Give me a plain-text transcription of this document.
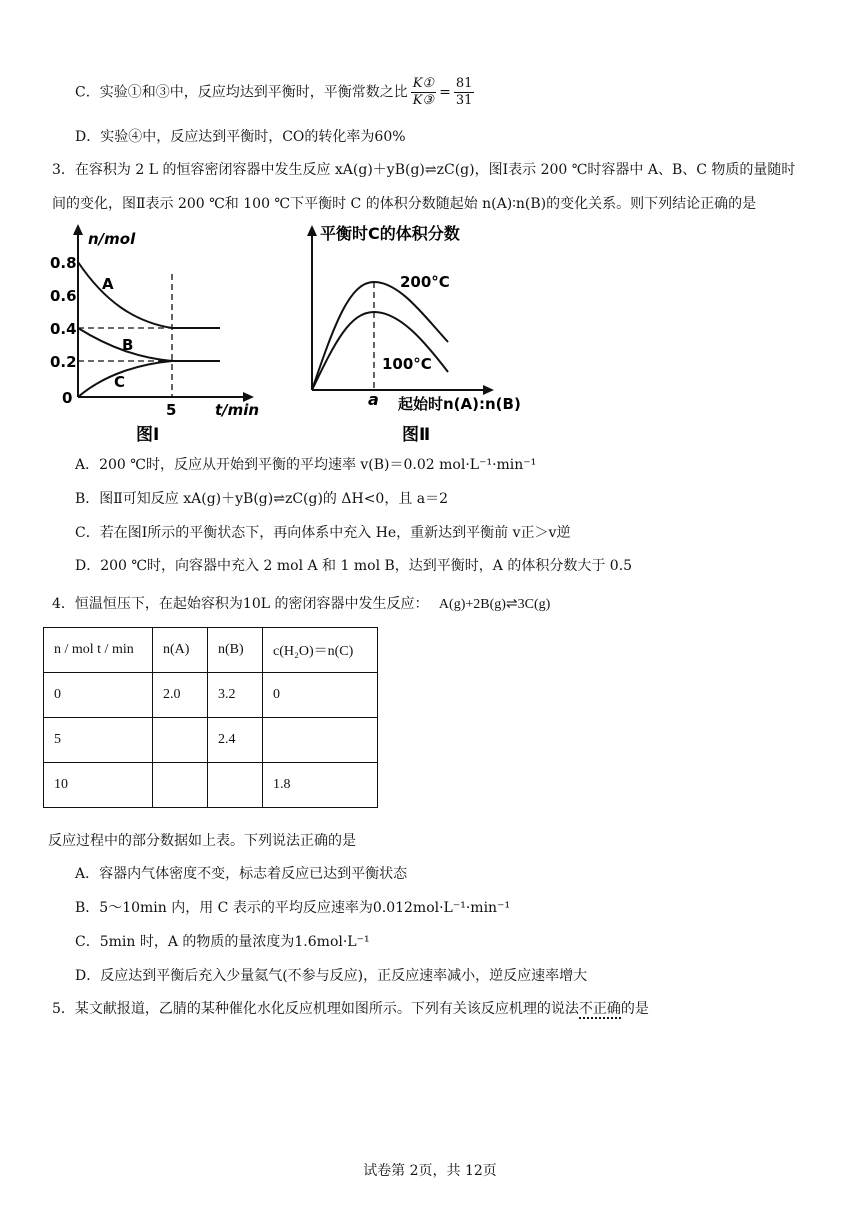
C．实验①和③中，反应均达到平衡时，平衡常数之比 $\frac{\text{K①}}{\text{K③}} = \frac{81}{31}$
D．实验④中，反应达到平衡时，CO的转化率为60%
3．在容积为 2 L 的恒容密闭容器中发生反应 xA(g)＋yB(g)⇌zC(g)，图Ⅰ表示 200 ℃时容器中 A、B、C 物质的量随时
间的变化，图Ⅱ表示 200 ℃和 100 ℃下平衡时 C 的体积分数随起始 n(A)∶n(B)的变化关系。则下列结论正确的是
n/mol
0.8
0.6
0.4
0.2
0
A
B
C
5	t/min
图Ⅰ
平衡时C的体积分数
200°C
100°C
a 起始时n(A):n(B)
图Ⅱ
A．200 ℃时，反应从开始到平衡的平均速率 v(B)＝0.02 mol·L⁻¹·min⁻¹
B．图Ⅱ可知反应 xA(g)＋yB(g)⇌zC(g)的 ΔH<0，且 a＝2
C．若在图Ⅰ所示的平衡状态下，再向体系中充入 He，重新达到平衡前 v正＞v逆
D．200 ℃时，向容器中充入 2 mol A 和 1 mol B，达到平衡时，A 的体积分数大于 0.5
4．恒温恒压下，在起始容积为10L 的密闭容器中发生反应： A(g)+2B(g)⇌3C(g)
n / mol t / min	n(A)	n(B)	c(H₂O)＝n(C)
0	2.0	3.2	0
5		2.4	
10			1.8
反应过程中的部分数据如上表。下列说法正确的是
A．容器内气体密度不变，标志着反应已达到平衡状态
B．5～10min 内，用 C 表示的平均反应速率为0.012mol·L⁻¹·min⁻¹
C．5min 时，A 的物质的量浓度为1.6mol·L⁻¹
D．反应达到平衡后充入少量氦气(不参与反应)，正反应速率减小，逆反应速率增大
5．某文献报道，乙腈的某种催化水化反应机理如图所示。下列有关该反应机理的说法不正确的是
试卷第 2页，共 12页
